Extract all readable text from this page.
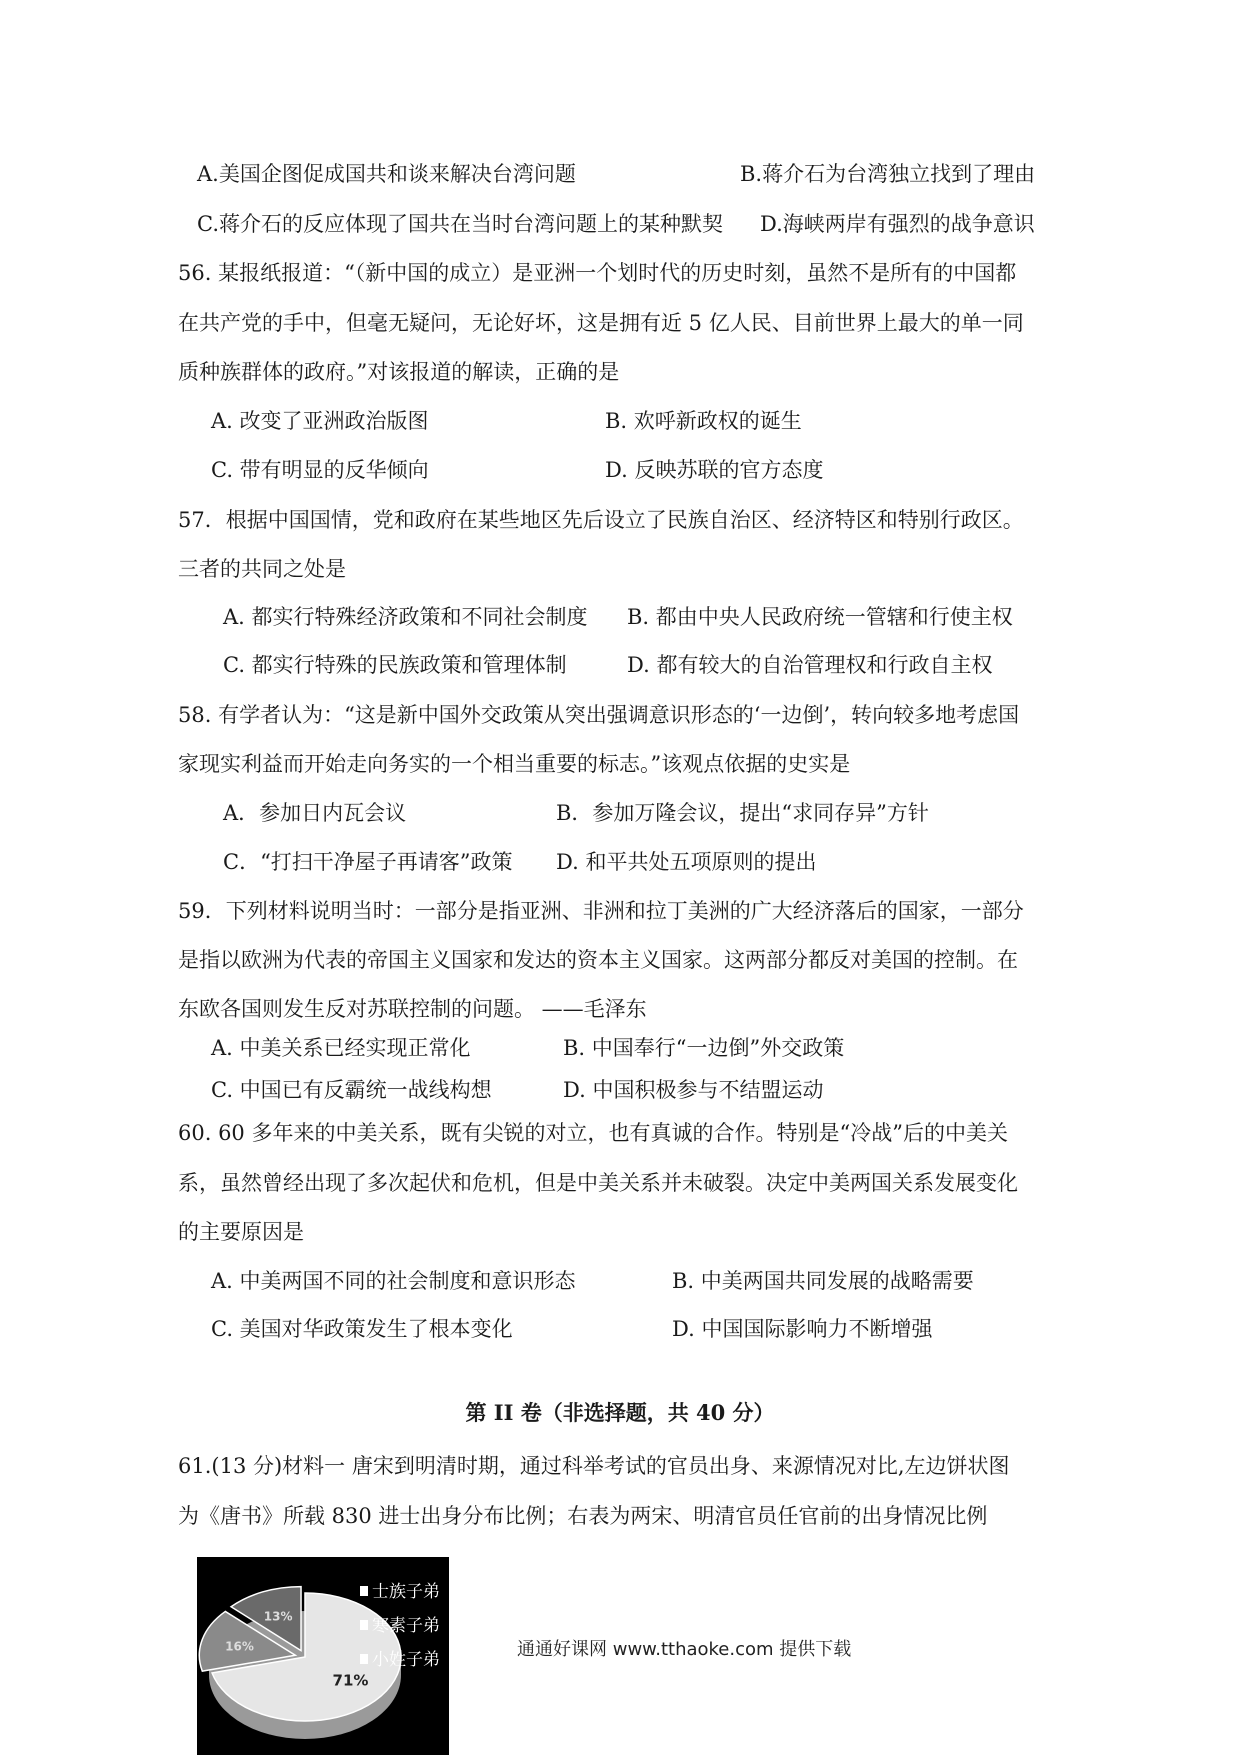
A.美国企图促成国共和谈来解决台湾问题	B.蒋介石为台湾独立找到了理由
C.蒋介石的反应体现了国共在当时台湾问题上的某种默契 D.海峡两岸有强烈的战争意识
56. 某报纸报道：“（新中国的成立）是亚洲一个划时代的历史时刻，虽然不是所有的中国都
在共产党的手中，但毫无疑问，无论好坏，这是拥有近 5 亿人民、目前世界上最大的单一同
质种族群体的政府。”对该报道的解读，正确的是
A. 改变了亚洲政治版图	B. 欢呼新政权的诞生
C. 带有明显的反华倾向	D. 反映苏联的官方态度
57．根据中国国情，党和政府在某些地区先后设立了民族自治区、经济特区和特别行政区。
三者的共同之处是
A. 都实行特殊经济政策和不同社会制度 B. 都由中央人民政府统一管辖和行使主权
C. 都实行特殊的民族政策和管理体制	D. 都有较大的自治管理权和行政自主权
58. 有学者认为：“这是新中国外交政策从突出强调意识形态的‘一边倒’，转向较多地考虑国
家现实利益而开始走向务实的一个相当重要的标志。”该观点依据的史实是
A．参加日内瓦会议	B．参加万隆会议，提出“求同存异”方针
C．“打扫干净屋子再请客”政策 D. 和平共处五项原则的提出
59．下列材料说明当时：一部分是指亚洲、非洲和拉丁美洲的广大经济落后的国家，一部分
是指以欧洲为代表的帝国主义国家和发达的资本主义国家。这两部分都反对美国的控制。在
东欧各国则发生反对苏联控制的问题。 ——毛泽东
A. 中美关系已经实现正常化	B. 中国奉行“一边倒”外交政策
C. 中国已有反霸统一战线构想	D. 中国积极参与不结盟运动
60. 60 多年来的中美关系，既有尖锐的对立，也有真诚的合作。特别是“冷战”后的中美关
系，虽然曾经出现了多次起伏和危机，但是中美关系并未破裂。决定中美两国关系发展变化
的主要原因是
A. 中美两国不同的社会制度和意识形态	B. 中美两国共同发展的战略需要
C. 美国对华政策发生了根本变化	D. 中国国际影响力不断增强
第 II 卷（非选择题，共 40 分）
61.(13 分)材料一 唐宋到明清时期，通过科举考试的官员出身、来源情况对比,左边饼状图
为《唐书》所载 830 进士出身分布比例；右表为两宋、明清官员任官前的出身情况比例
71%
16%
13%
士族子弟
寒素子弟
小姓子弟	通通好课网 www.tthaoke.com 提供下载
